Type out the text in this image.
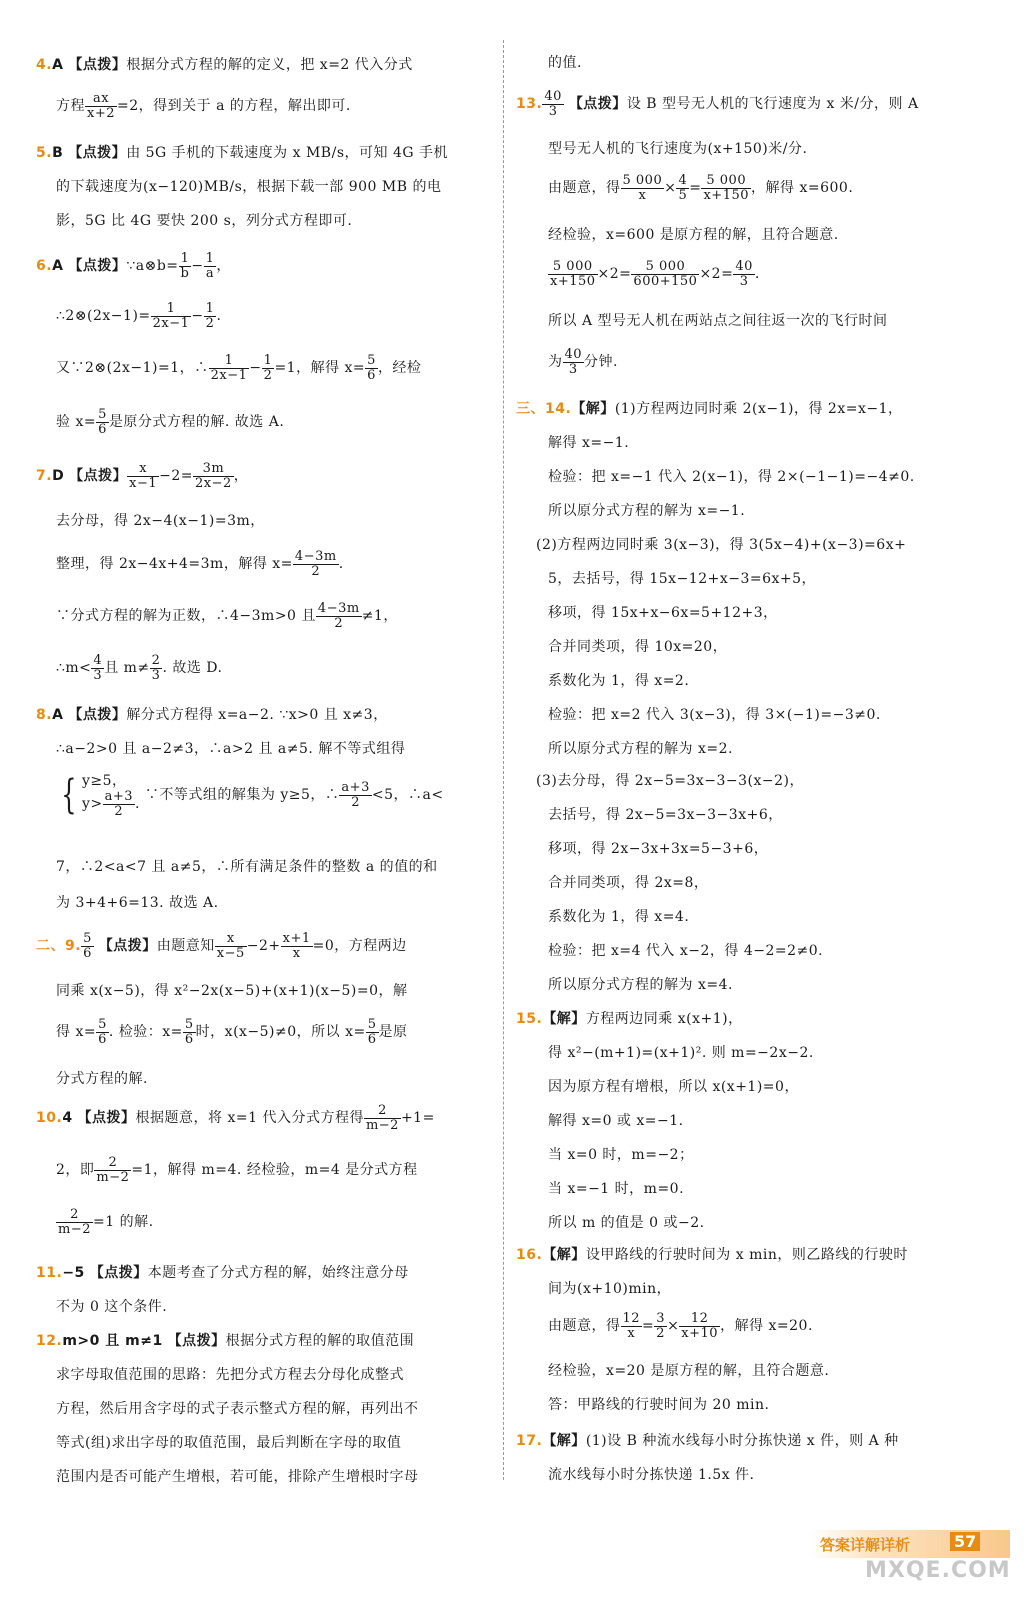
4.A 【点拨】根据分式方程的解的定义，把 x=2 代入分式
方程 $\frac{ax}{x+2} =2$，得到关于 a 的方程，解出即可.
5.B 【点拨】由 5G 手机的下载速度为 x MB/s，可知 4G 手机
的下载速度为(x−120)MB/s，根据下载一部 900 MB 的电
影，5G 比 4G 要快 200 s，列分式方程即可.
6.A 【点拨】∵a⊗b= $\frac{1}{b} - \frac{1}{a}$ ，
∴2⊗(2x−1)= $\frac{1}{2x-1} - \frac{1}{2}$ .
又∵2⊗(2x−1)=1，∴ $\frac{1}{2x-1} - \frac{1}{2} =1$，解得 $x= \frac{5}{6}$ ，经检
验 $x= \frac{5}{6}$ 是原分式方程的解. 故选 A.
7.D 【点拨】 $\frac{x}{x-1} -2= \frac{3m}{2x-2}$ ，
去分母，得 2x−4(x−1)=3m，
整理，得 2x−4x+4=3m，解得 $x= \frac{4-3m}{2}$ .
∵分式方程的解为正数，∴4−3m>0 且 $\frac{4-3m}{2} \ne 1$，
∴m< $\frac{4}{3}$ 且 $m\ne \frac{2}{3}$ . 故选 D.
8.A 【点拨】解分式方程得 x=a−2. ∵x>0 且 x≠3，
∴a−2>0 且 a−2≠3，∴a>2 且 a≠5. 解不等式组得
{ y≥5，
$y> \frac{a+3}{2}$ . ∵不等式组的解集为 y≥5，∴ $\frac{a+3}{2} <5$，∴a<
7，∴2<a<7 且 a≠5，∴所有满足条件的整数 a 的值的和
为 3+4+6=13. 故选 A.
二、9. $\frac{5}{6}$ 【点拨】由题意知 $\frac{x}{x-5} -2+ \frac{x+1}{x} =0$，方程两边
同乘 x(x−5)，得 x²−2x(x−5)+(x+1)(x−5)=0，解
得 $x= \frac{5}{6}$ . 检验：$x= \frac{5}{6}$ 时，x(x−5)≠0，所以 $x= \frac{5}{6}$ 是原
分式方程的解.
10.4 【点拨】根据题意，将 x=1 代入分式方程得 $\frac{2}{m-2} +1=$
2，即 $\frac{2}{m-2} =1$，解得 m=4. 经检验，m=4 是分式方程
$\frac{2}{m-2} =1$ 的解.
11.−5 【点拨】本题考查了分式方程的解，始终注意分母
不为 0 这个条件.
12.m>0 且 m≠1 【点拨】根据分式方程的解的取值范围
求字母取值范围的思路：先把分式方程去分母化成整式
方程，然后用含字母的式子表示整式方程的解，再列出不
等式(组)求出字母的取值范围，最后判断在字母的取值
范围内是否可能产生增根，若可能，排除产生增根时字母
的值.
13. $\frac{40}{3}$ 【点拨】设 B 型号无人机的飞行速度为 x 米/分，则 A
型号无人机的飞行速度为(x+150)米/分.
由题意，得 $\frac{5 000}{x} \times \frac{4}{5} = \frac{5 000}{x+150}$ ，解得 x=600.
经检验，x=600 是原方程的解，且符合题意.
$\frac{5 000}{x+150} \times 2= \frac{5 000}{600+150} \times 2= \frac{40}{3}$ .
所以 A 型号无人机在两站点之间往返一次的飞行时间
为 $\frac{40}{3}$ 分钟.
三、14.【解】(1)方程两边同时乘 2(x−1)，得 2x=x−1，
解得 x=−1.
检验：把 x=−1 代入 2(x−1)，得 2×(−1−1)=−4≠0.
所以原分式方程的解为 x=−1.
(2)方程两边同时乘 3(x−3)，得 3(5x−4)+(x−3)=6x+
5，去括号，得 15x−12+x−3=6x+5，
移项，得 15x+x−6x=5+12+3，
合并同类项，得 10x=20，
系数化为 1，得 x=2.
检验：把 x=2 代入 3(x−3)，得 3×(−1)=−3≠0.
所以原分式方程的解为 x=2.
(3)去分母，得 2x−5=3x−3−3(x−2)，
去括号，得 2x−5=3x−3−3x+6，
移项，得 2x−3x+3x=5−3+6，
合并同类项，得 2x=8，
系数化为 1，得 x=4.
检验：把 x=4 代入 x−2，得 4−2=2≠0.
所以原分式方程的解为 x=4.
15.【解】方程两边同乘 x(x+1)，
得 x²−(m+1)=(x+1)². 则 m=−2x−2.
因为原方程有增根，所以 x(x+1)=0，
解得 x=0 或 x=−1.
当 x=0 时，m=−2；
当 x=−1 时，m=0.
所以 m 的值是 0 或−2.
16.【解】设甲路线的行驶时间为 x min，则乙路线的行驶时
间为(x+10)min，
由题意，得 $\frac{12}{x} = \frac{3}{2} \times \frac{12}{x+10}$ ，解得 x=20.
经检验，x=20 是原方程的解，且符合题意.
答：甲路线的行驶时间为 20 min.
17.【解】(1)设 B 种流水线每小时分拣快递 x 件，则 A 种
流水线每小时分拣快递 1.5x 件.
答案详解详析	57
MXQE.COM
